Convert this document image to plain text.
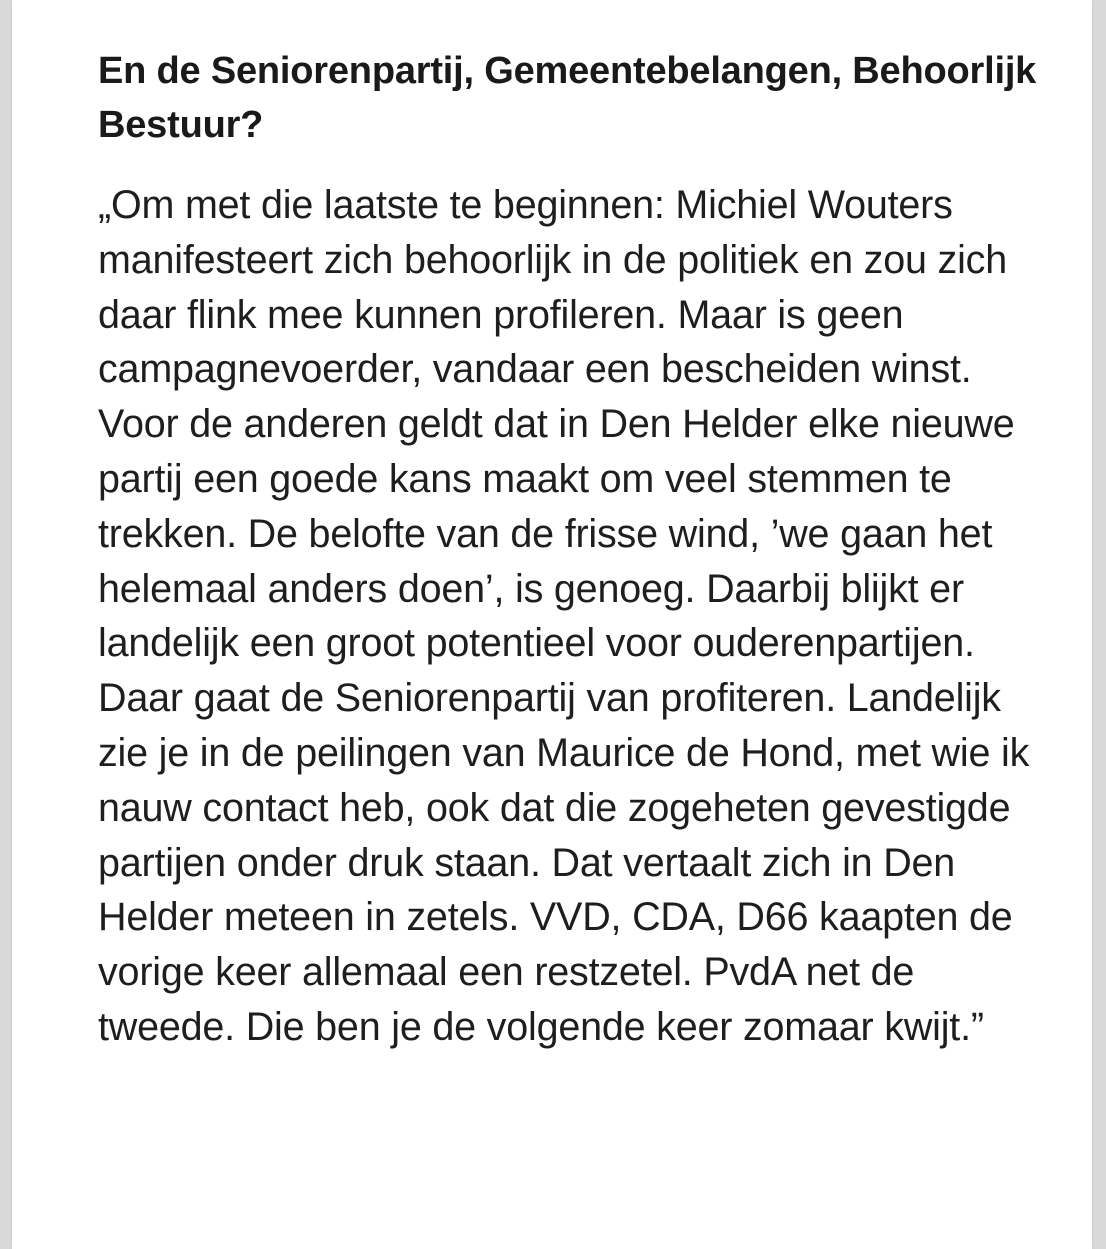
En de Seniorenpartij, Gemeentebelangen, Behoorlijk Bestuur?

„Om met die laatste te beginnen: Michiel Wouters manifesteert zich behoorlijk in de politiek en zou zich daar flink mee kunnen profileren. Maar is geen campagnevoerder, vandaar een bescheiden winst. Voor de anderen geldt dat in Den Helder elke nieuwe partij een goede kans maakt om veel stemmen te trekken. De belofte van de frisse wind, ’we gaan het helemaal anders doen’, is genoeg. Daarbij blijkt er landelijk een groot potentieel voor ouderenpartijen. Daar gaat de Seniorenpartij van profiteren. Landelijk zie je in de peilingen van Maurice de Hond, met wie ik nauw contact heb, ook dat die zogeheten gevestigde partijen onder druk staan. Dat vertaalt zich in Den Helder meteen in zetels. VVD, CDA, D66 kaapten de vorige keer allemaal een restzetel. PvdA net de tweede. Die ben je de volgende keer zomaar kwijt.”
